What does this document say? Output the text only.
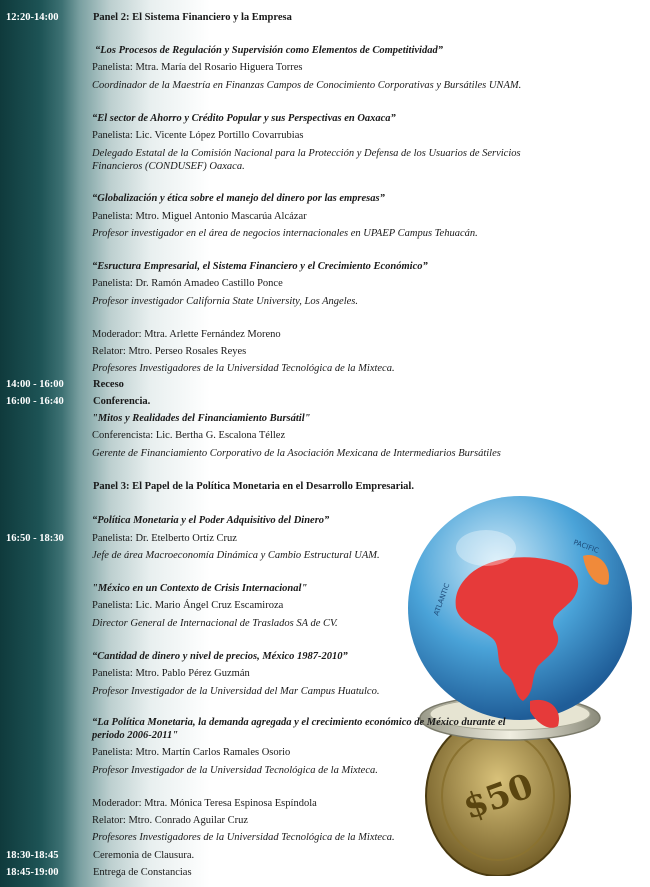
$50
PACIFIC
ATLANTIC
12:20-14:00
14:00 - 16:00
16:00 - 16:40
16:50 - 18:30
18:30-18:45
18:45-19:00
Panel 2: El Sistema Financiero y la Empresa
“Los Procesos de Regulación y Supervisión como Elementos de Competitividad”
Panelista: Mtra. María del Rosario Higuera Torres
Coordinador de la Maestría en Finanzas Campos de Conocimiento Corporativas y Bursátiles UNAM.
“El sector de Ahorro y Crédito Popular y sus Perspectivas en Oaxaca”
Panelista: Lic. Vicente López Portillo Covarrubias
Delegado Estatal de la Comisión Nacional para la Protección y Defensa de los Usuarios de Servicios Financieros (CONDUSEF) Oaxaca.
“Globalización y ética sobre el manejo del dinero por las empresas”
Panelista: Mtro. Miguel Antonio Mascarúa Alcázar
Profesor investigador en el área de negocios internacionales en UPAEP Campus Tehuacán.
“Esructura Empresarial, el Sistema Financiero y el Crecimiento Económico”
Panelista: Dr. Ramón Amadeo Castillo Ponce
Profesor investigador California State University, Los Angeles.
Moderador: Mtra. Arlette Fernández Moreno
Relator: Mtro. Perseo Rosales Reyes
Profesores Investigadores de la Universidad Tecnológica de la Mixteca.
Receso
Conferencia.
"Mitos y Realidades del Financiamiento Bursátil"
Conferencista: Lic. Bertha G. Escalona Téllez
Gerente de Financiamiento Corporativo de la Asociación Mexicana de Intermediarios Bursátiles
Panel 3: El Papel de la Política Monetaria en el Desarrollo Empresarial.
“Política Monetaria y el Poder Adquisitivo del Dinero”
Panelista: Dr. Etelberto Ortíz Cruz
Jefe de área Macroeconomía Dinámica y Cambio Estructural UAM.
"México en un Contexto de Crisis Internacional"
Panelista: Lic. Mario Ángel Cruz Escamiroza
Director General de Internacional de Traslados SA de CV.
“Cantidad de dinero y nivel de precios, México 1987-2010”
Panelista: Mtro. Pablo Pérez Guzmán
Profesor Investigador de la Universidad del Mar Campus Huatulco.
“La Política Monetaria, la demanda agregada y el crecimiento económico de México durante el periodo 2006-2011"
Panelista: Mtro. Martín Carlos Ramales Osorio
Profesor Investigador de la Universidad Tecnológica de la Mixteca.
Moderador: Mtra. Mónica Teresa Espinosa Espíndola
Relator: Mtro. Conrado Aguilar Cruz
Profesores Investigadores de la Universidad Tecnológica de la Mixteca.
Ceremonia de Clausura.
Entrega de Constancias
